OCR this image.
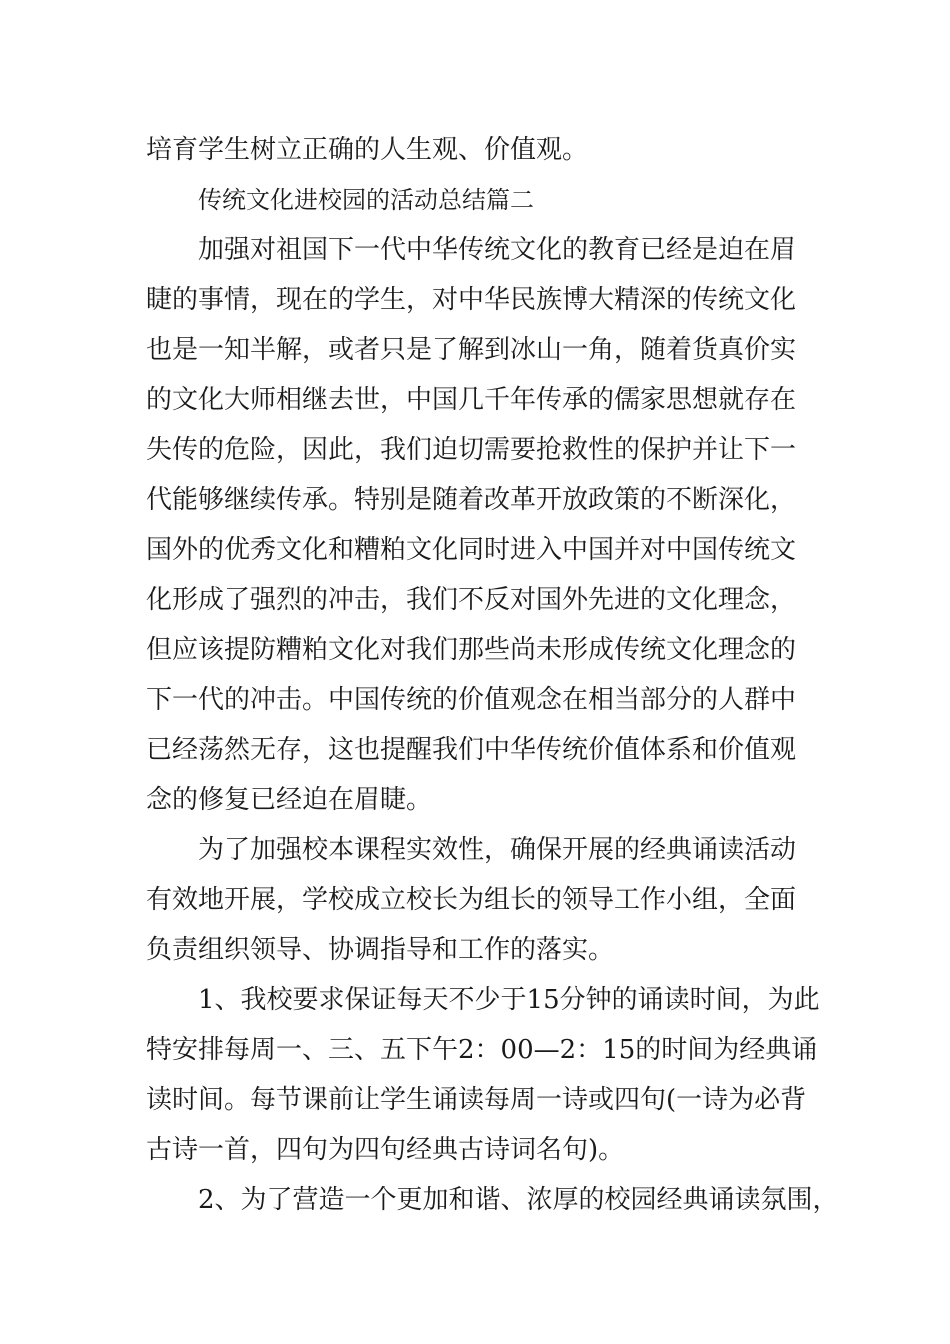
培育学生树立正确的人生观、价值观。
传统文化进校园的活动总结篇二
加强对祖国下一代中华传统文化的教育已经是迫在眉
睫的事情，现在的学生，对中华民族博大精深的传统文化
也是一知半解，或者只是了解到冰山一角，随着货真价实
的文化大师相继去世，中国几千年传承的儒家思想就存在
失传的危险，因此，我们迫切需要抢救性的保护并让下一
代能够继续传承。特别是随着改革开放政策的不断深化，
国外的优秀文化和糟粕文化同时进入中国并对中国传统文
化形成了强烈的冲击，我们不反对国外先进的文化理念，
但应该提防糟粕文化对我们那些尚未形成传统文化理念的
下一代的冲击。中国传统的价值观念在相当部分的人群中
已经荡然无存，这也提醒我们中华传统价值体系和价值观
念的修复已经迫在眉睫。
为了加强校本课程实效性，确保开展的经典诵读活动
有效地开展，学校成立校长为组长的领导工作小组，全面
负责组织领导、协调指导和工作的落实。
1、我校要求保证每天不少于15分钟的诵读时间，为此
特安排每周一、三、五下午2：00—2：15的时间为经典诵
读时间。每节课前让学生诵读每周一诗或四句(一诗为必背
古诗一首，四句为四句经典古诗词名句)。
2、为了营造一个更加和谐、浓厚的校园经典诵读氛围，
